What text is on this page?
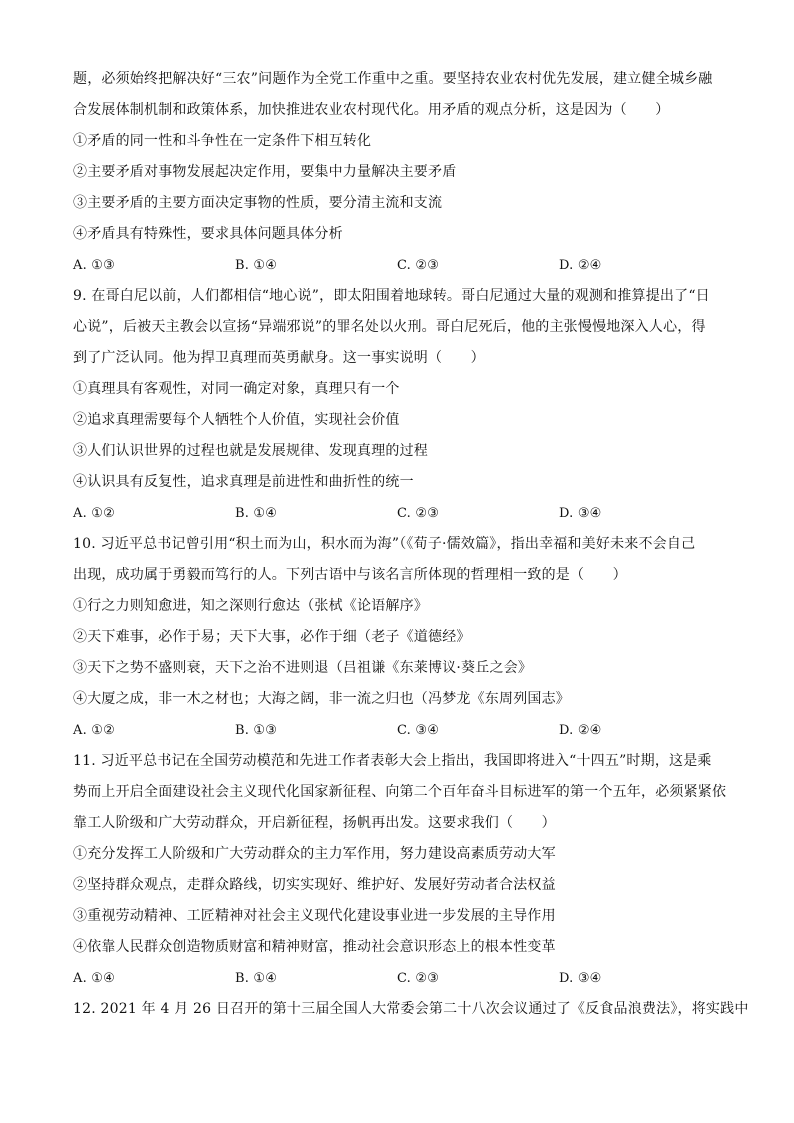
题，必须始终把解决好“三农”问题作为全党工作重中之重。要坚持农业农村优先发展，建立健全城乡融
合发展体制机制和政策体系，加快推进农业农村现代化。用矛盾的观点分析，这是因为（　　）
①矛盾的同一性和斗争性在一定条件下相互转化
②主要矛盾对事物发展起决定作用，要集中力量解决主要矛盾
③主要矛盾的主要方面决定事物的性质，要分清主流和支流
④矛盾具有特殊性，要求具体问题具体分析
A. ①③	B. ①④	C. ②③	D. ②④
9. 在哥白尼以前，人们都相信“地心说”，即太阳围着地球转。哥白尼通过大量的观测和推算提出了“日
心说”，后被天主教会以宣扬“异端邪说”的罪名处以火刑。哥白尼死后，他的主张慢慢地深入人心，得
到了广泛认同。他为捍卫真理而英勇献身。这一事实说明（　　）
①真理具有客观性，对同一确定对象，真理只有一个
②追求真理需要每个人牺牲个人价值，实现社会价值
③人们认识世界的过程也就是发展规律、发现真理的过程
④认识具有反复性，追求真理是前进性和曲折性的统一
A. ①②	B. ①④	C. ②③	D. ③④
10. 习近平总书记曾引用“积土而为山，积水而为海”（《荀子·儒效篇》，指出幸福和美好未来不会自己
出现，成功属于勇毅而笃行的人。下列古语中与该名言所体现的哲理相一致的是（　　）
①行之力则知愈进，知之深则行愈达（张栻《论语解序》
②天下难事，必作于易；天下大事，必作于细（老子《道德经》
③天下之势不盛则衰，天下之治不进则退（吕祖谦《东莱博议·葵丘之会》
④大厦之成，非一木之材也；大海之阔，非一流之归也（冯梦龙《东周列国志》
A. ①②	B. ①③	C. ③④	D. ②④
11. 习近平总书记在全国劳动模范和先进工作者表彰大会上指出，我国即将进入“十四五”时期，这是乘
势而上开启全面建设社会主义现代化国家新征程、向第二个百年奋斗目标进军的第一个五年，必须紧紧依
靠工人阶级和广大劳动群众，开启新征程，扬帆再出发。这要求我们（　　）
①充分发挥工人阶级和广大劳动群众的主力军作用，努力建设高素质劳动大军
②坚持群众观点，走群众路线，切实实现好、维护好、发展好劳动者合法权益
③重视劳动精神、工匠精神对社会主义现代化建设事业进一步发展的主导作用
④依靠人民群众创造物质财富和精神财富，推动社会意识形态上的根本性变革
A. ①④	B. ①④	C. ②③	D. ③④
12. 2021 年 4 月 26 日召开的第十三届全国人大常委会第二十八次会议通过了《反食品浪费法》，将实践中
